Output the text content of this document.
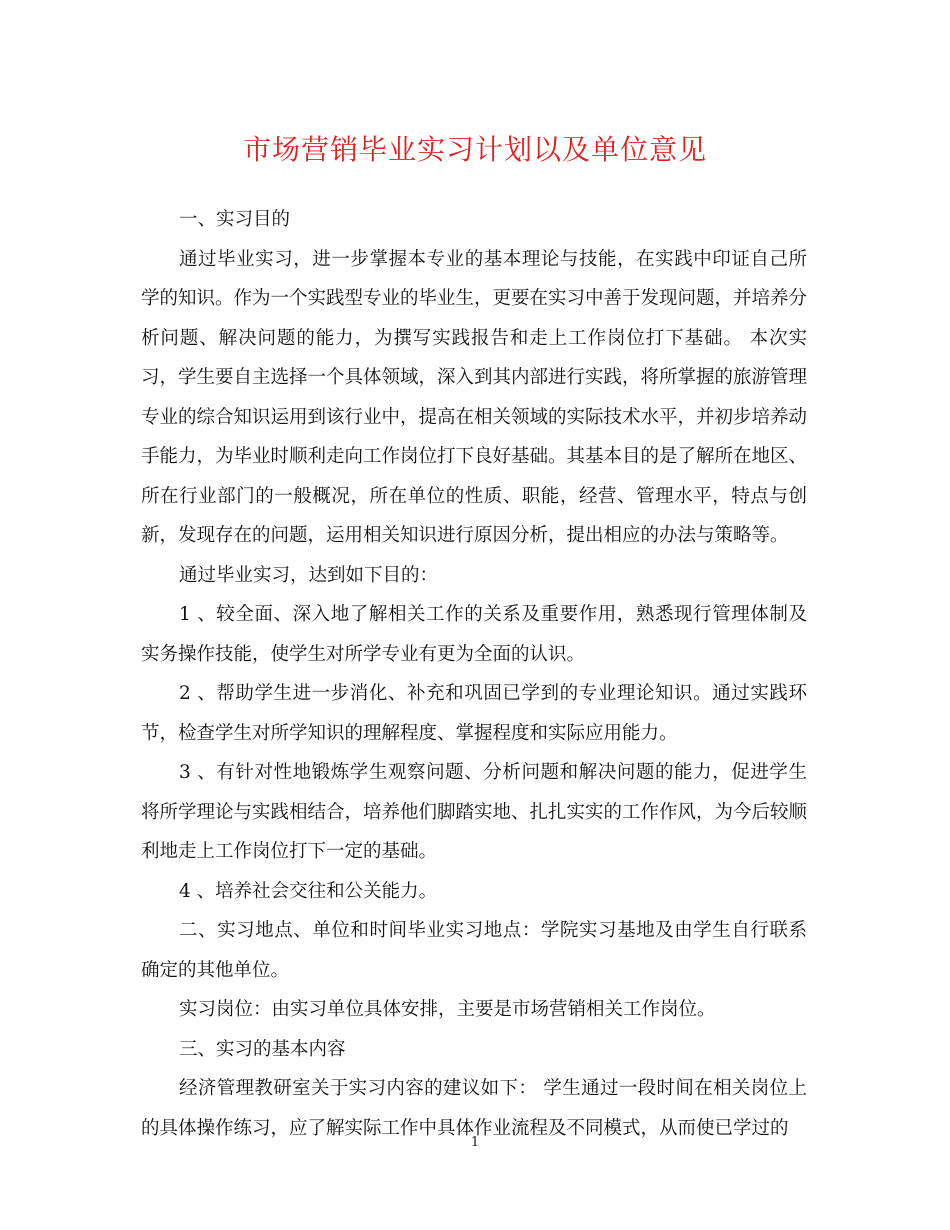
市场营销毕业实习计划以及单位意见

一、实习目的

通过毕业实习，进一步掌握本专业的基本理论与技能，在实践中印证自己所学的知识。作为一个实践型专业的毕业生，更要在实习中善于发现问题，并培养分析问题、解决问题的能力，为撰写实践报告和走上工作岗位打下基础。 本次实习，学生要自主选择一个具体领域，深入到其内部进行实践，将所掌握的旅游管理专业的综合知识运用到该行业中，提高在相关领域的实际技术水平，并初步培养动手能力，为毕业时顺利走向工作岗位打下良好基础。其基本目的是了解所在地区、所在行业部门的一般概况，所在单位的性质、职能，经营、管理水平，特点与创新，发现存在的问题，运用相关知识进行原因分析，提出相应的办法与策略等。

通过毕业实习，达到如下目的：

1 、较全面、深入地了解相关工作的关系及重要作用，熟悉现行管理体制及实务操作技能，使学生对所学专业有更为全面的认识。

2 、帮助学生进一步消化、补充和巩固已学到的专业理论知识。通过实践环节，检查学生对所学知识的理解程度、掌握程度和实际应用能力。

3 、有针对性地锻炼学生观察问题、分析问题和解决问题的能力，促进学生将所学理论与实践相结合，培养他们脚踏实地、扎扎实实的工作作风，为今后较顺利地走上工作岗位打下一定的基础。

4 、培养社会交往和公关能力。

二、实习地点、单位和时间毕业实习地点：学院实习基地及由学生自行联系确定的其他单位。

实习岗位：由实习单位具体安排，主要是市场营销相关工作岗位。

三、实习的基本内容

经济管理教研室关于实习内容的建议如下： 学生通过一段时间在相关岗位上的具体操作练习，应了解实际工作中具体作业流程及不同模式，从而使已学过的

1
